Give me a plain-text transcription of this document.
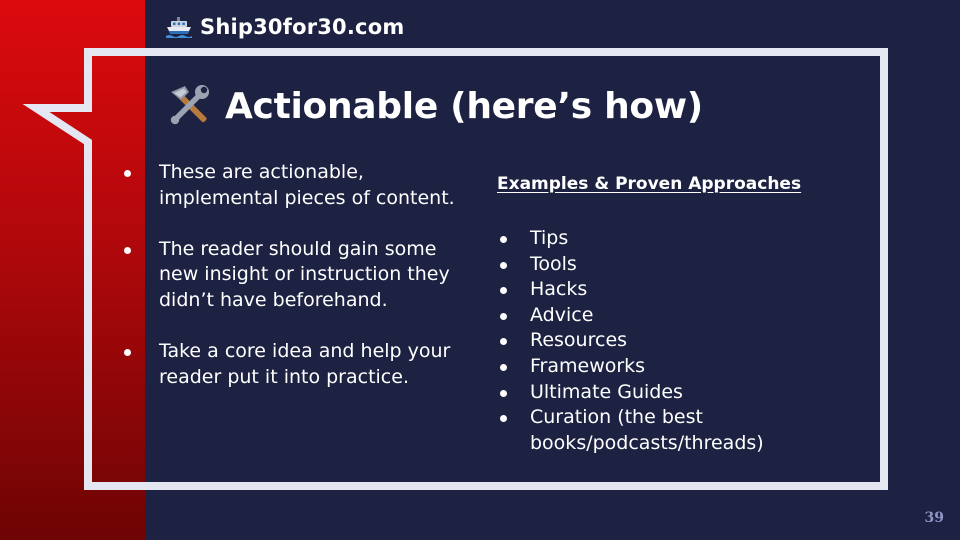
Ship30for30.com
Actionable (here’s how)
These are actionable, implemental pieces of content.
The reader should gain some new insight or instruction they didn’t have beforehand.
Take a core idea and help your reader put it into practice.
Examples & Proven Approaches
Tips
Tools
Hacks
Advice
Resources
Frameworks
Ultimate Guides
Curation (the best books/podcasts/threads)
39
